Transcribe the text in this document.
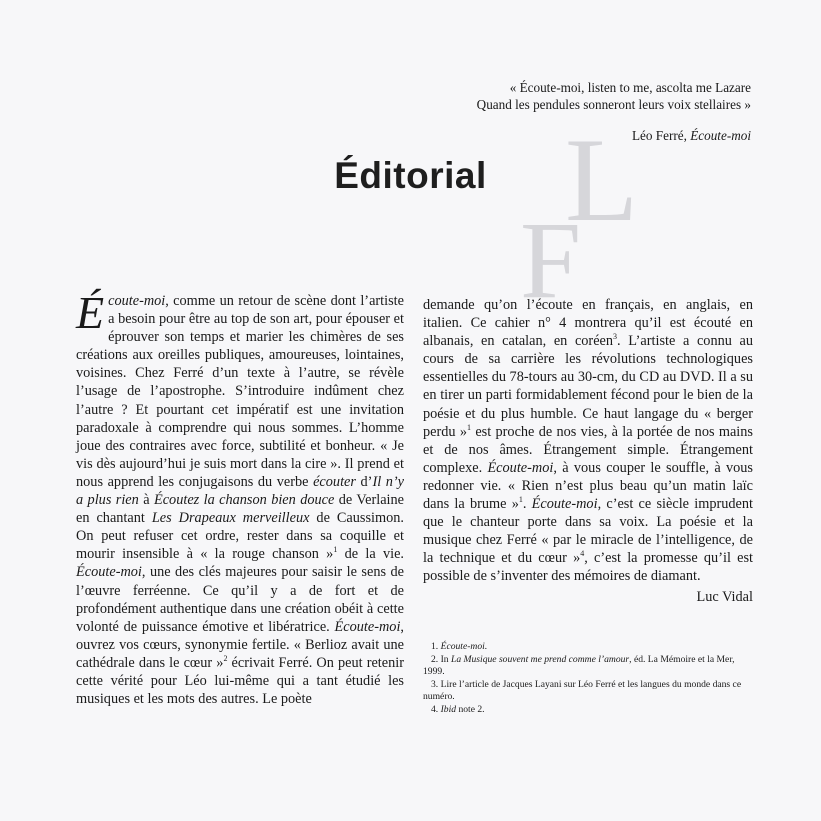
L
F
« Écoute-moi, listen to me, ascolta me Lazare
Quand les pendules sonneront leurs voix stellaires »
Léo Ferré, Écoute-moi
Éditorial
Écoute-moi, comme un retour de scène dont l’artiste a besoin pour être au top de son art, pour épouser et éprouver son temps et marier les chimères de ses créations aux oreilles publiques, amoureuses, lointaines, voisines. Chez Ferré d’un texte à l’autre, se révèle l’usage de l’apostrophe. S’introduire indûment chez l’autre ? Et pourtant cet impératif est une invitation paradoxale à comprendre qui nous sommes. L’homme joue des contraires avec force, subtilité et bonheur. « Je vis dès aujourd’hui je suis mort dans la cire ». Il prend et nous apprend les conjugaisons du verbe écouter d’Il n’y a plus rien à Écoutez la chanson bien douce de Verlaine en chantant Les Drapeaux merveilleux de Caussimon. On peut refuser cet ordre, rester dans sa coquille et mourir insensible à « la rouge chanson »$^1$ de la vie. Écoute-moi, une des clés majeures pour saisir le sens de l’œuvre ferréenne. Ce qu’il y a de fort et de profondément authentique dans une création obéit à cette volonté de puissance émotive et libératrice. Écoute-moi, ouvrez vos cœurs, synonymie fertile. « Berlioz avait une cathédrale dans le cœur »$^2$ écrivait Ferré. On peut retenir cette vérité pour Léo lui-même qui a tant étudié les musiques et les mots des autres. Le poète
demande qu’on l’écoute en français, en anglais, en italien. Ce cahier n° 4 montrera qu’il est écouté en albanais, en catalan, en coréen$^3$. L’artiste a connu au cours de sa carrière les révolutions technologiques essentielles du 78-tours au 30-cm, du CD au DVD. Il a su en tirer un parti formidablement fécond pour le bien de la poésie et du plus humble. Ce haut langage du « berger perdu »$^1$ est proche de nos vies, à la portée de nos mains et de nos âmes. Étrangement simple. Étrangement complexe. Écoute-moi, à vous couper le souffle, à vous redonner vie. « Rien n’est plus beau qu’un matin laïc dans la brume »$^1$. Écoute-moi, c’est ce siècle imprudent que le chanteur porte dans sa voix. La poésie et la musique chez Ferré « par le miracle de l’intelligence, de la technique et du cœur »$^4$, c’est la promesse qu’il est possible de s’inventer des mémoires de diamant.
Luc Vidal

1. Écoute-moi.

2. In La Musique souvent me prend comme l’amour, éd. La Mémoire et la Mer, 1999.

3. Lire l’article de Jacques Layani sur Léo Ferré et les langues du monde dans ce numéro.

4. Ibid note 2.
